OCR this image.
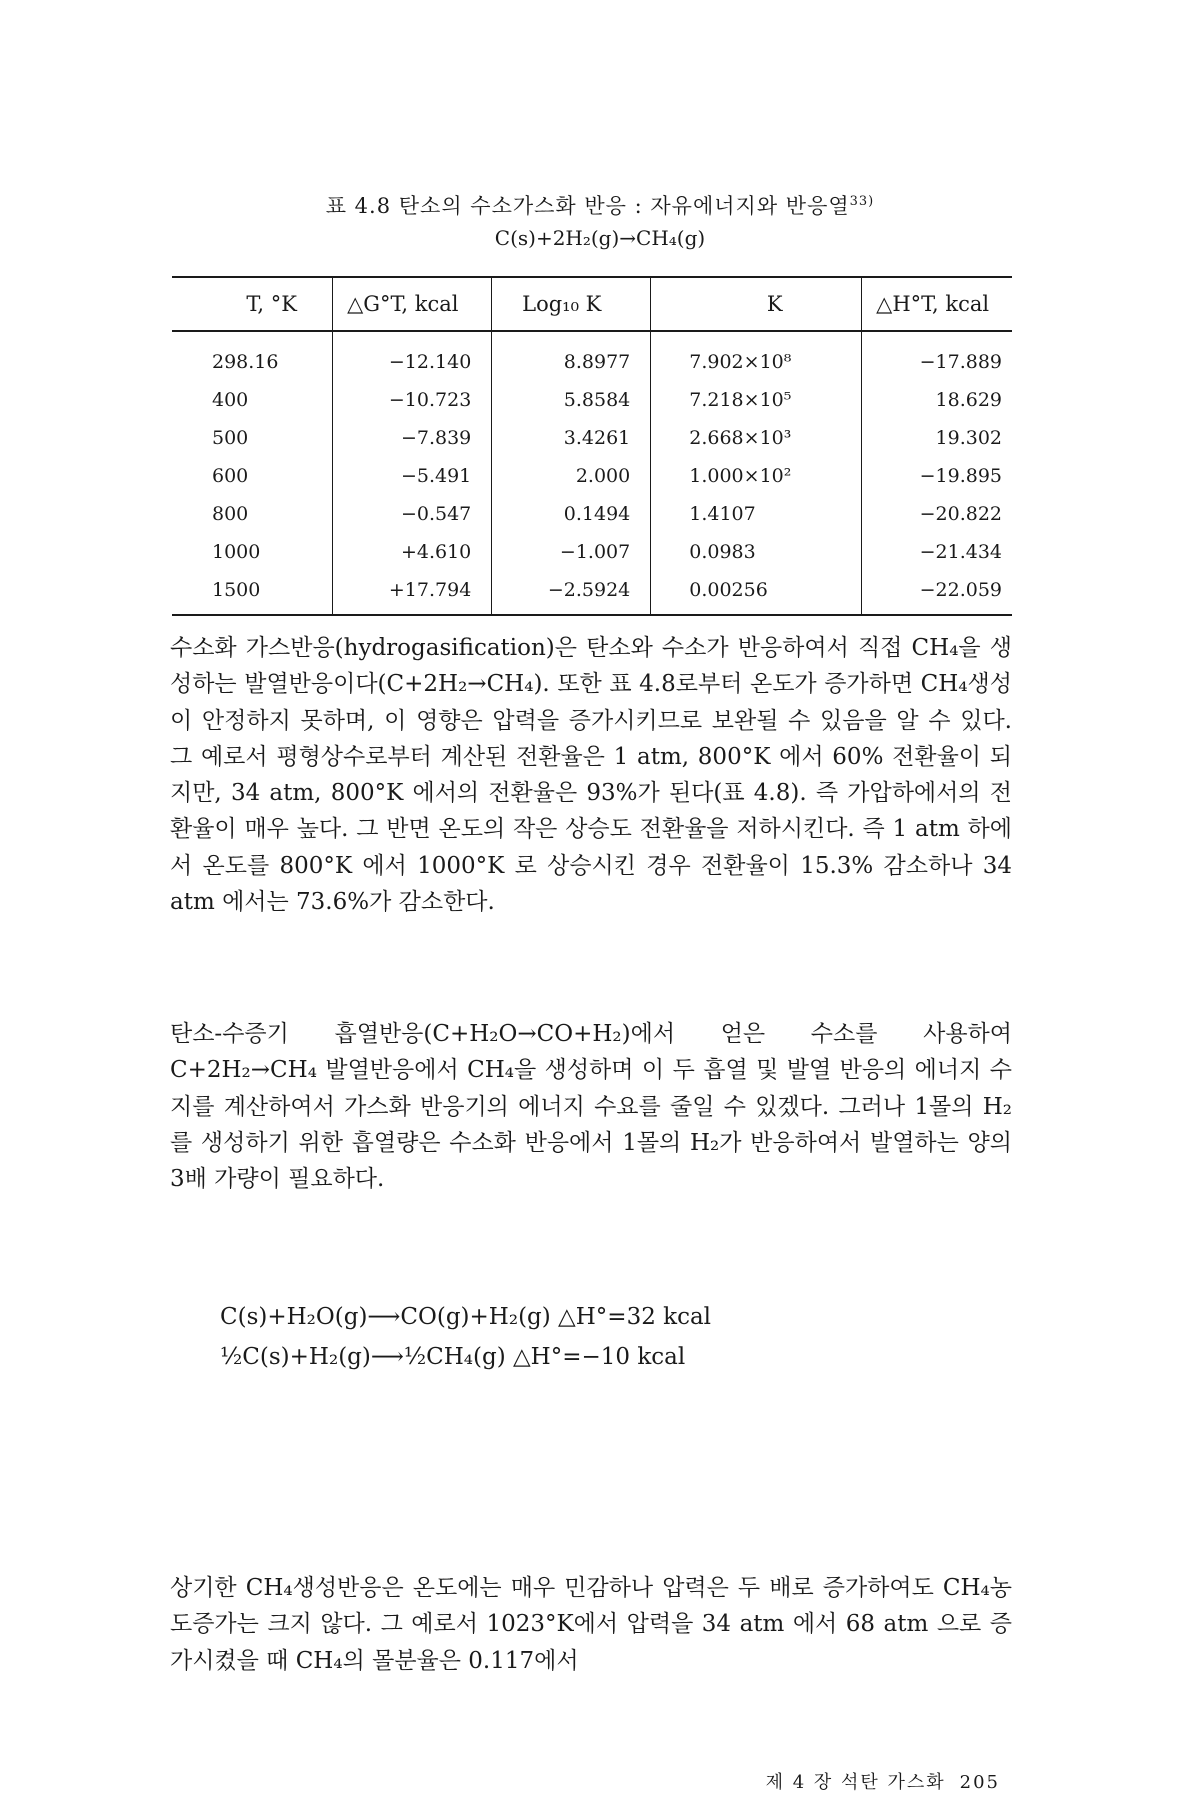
표 4.8 탄소의 수소가스화 반응 : 자유에너지와 반응열$^{33)}$
C(s)+2H₂(g)→CH₄(g)
T, °K	△G°T, kcal	Log₁₀ K	K	△H°T, kcal
298.16	−12.140	8.8977	7.902×10⁸	−17.889
400	−10.723	5.8584	7.218×10⁵	18.629
500	−7.839	3.4261	2.668×10³	19.302
600	−5.491	2.000	1.000×10²	−19.895
800	−0.547	0.1494	1.4107	−20.822
1000	+4.610	−1.007	0.0983	−21.434
1500	+17.794	−2.5924	0.00256	−22.059

수소화 가스반응(hydrogasification)은 탄소와 수소가 반응하여서 직접 CH₄을 생성하는 발열반응이다(C+2H₂→CH₄). 또한 표 4.8로부터 온도가 증가하면 CH₄생성이 안정하지 못하며, 이 영향은 압력을 증가시키므로 보완될 수 있음을 알 수 있다. 그 예로서 평형상수로부터 계산된 전환율은 1 atm, 800°K 에서 60% 전환율이 되지만, 34 atm, 800°K 에서의 전환율은 93%가 된다(표 4.8). 즉 가압하에서의 전환율이 매우 높다. 그 반면 온도의 작은 상승도 전환율을 저하시킨다. 즉 1 atm 하에서 온도를 800°K 에서 1000°K 로 상승시킨 경우 전환율이 15.3% 감소하나 34 atm 에서는 73.6%가 감소한다.

탄소-수증기 흡열반응(C+H₂O→CO+H₂)에서 얻은 수소를 사용하여 C+2H₂→CH₄ 발열반응에서 CH₄을 생성하며 이 두 흡열 및 발열 반응의 에너지 수지를 계산하여서 가스화 반응기의 에너지 수요를 줄일 수 있겠다. 그러나 1몰의 H₂를 생성하기 위한 흡열량은 수소화 반응에서 1몰의 H₂가 반응하여서 발열하는 양의 3배 가량이 필요하다.

C(s)+H₂O(g)⟶CO(g)+H₂(g) △H°=32 kcal
½C(s)+H₂(g)⟶½CH₄(g) △H°=−10 kcal

상기한 CH₄생성반응은 온도에는 매우 민감하나 압력은 두 배로 증가하여도 CH₄농도증가는 크지 않다. 그 예로서 1023°K에서 압력을 34 atm 에서 68 atm 으로 증가시켰을 때 CH₄의 몰분율은 0.117에서

제 4 장 석탄 가스화 205
